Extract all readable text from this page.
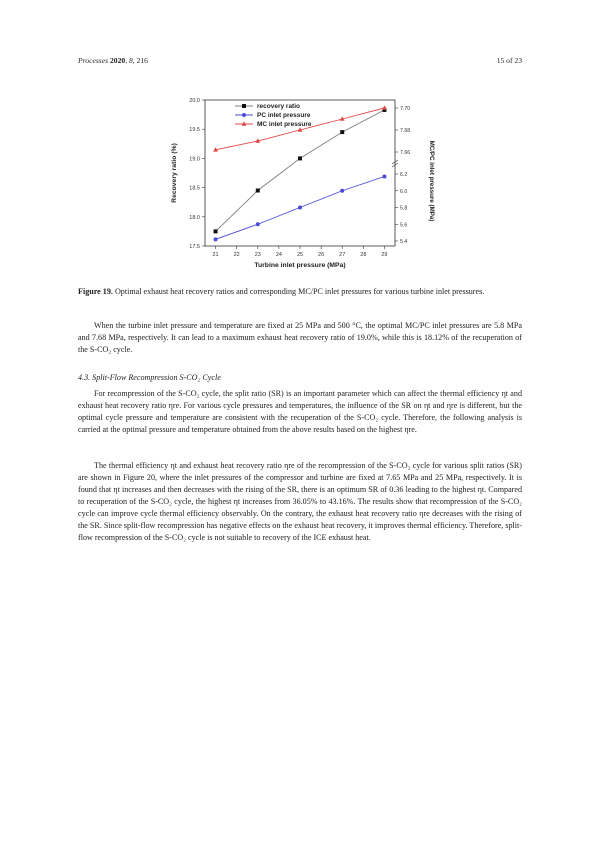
Processes 2020, 8, 216	15 of 23
21	22	23	24	25	26	27	28	29
17.5
18.0
18.5
19.0
19.5
20.0
7.66
7.68
7.70
5.4
5.6
5.8
6.0
6.2
Turbine inlet pressure (MPa)
Recovery ratio (%)	MC/PC inlet pressure (MPa)
recovery ratio
PC inlet pressure
MC inlet pressure
Figure 19. Optimal exhaust heat recovery ratios and corresponding MC/PC inlet pressures for various turbine inlet pressures.
When the turbine inlet pressure and temperature are fixed at 25 MPa and 500 °C, the optimal MC/PC inlet pressures are 5.8 MPa and 7.68 MPa, respectively. It can lead to a maximum exhaust heat recovery ratio of 19.0%, while this is 18.12% of the recuperation of the S-CO₂ cycle.
4.3. Split-Flow Recompression S-CO₂ Cycle
For recompression of the S-CO₂ cycle, the split ratio (SR) is an important parameter which can affect the thermal efficiency ηt and exhaust heat recovery ratio ηre. For various cycle pressures and temperatures, the influence of the SR on ηt and ηre is different, but the optimal cycle pressure and temperature are consistent with the recuperation of the S-CO₂ cycle. Therefore, the following analysis is carried at the optimal pressure and temperature obtained from the above results based on the highest ηre.
The thermal efficiency ηt and exhaust heat recovery ratio ηre of the recompression of the S-CO₂ cycle for various split ratios (SR) are shown in Figure 20, where the inlet pressures of the compressor and turbine are fixed at 7.65 MPa and 25 MPa, respectively. It is found that ηt increases and then decreases with the rising of the SR, there is an optimum SR of 0.36 leading to the highest ηt. Compared to recuperation of the S-CO₂ cycle, the highest ηt increases from 36.05% to 43.16%. The results show that recompression of the S-CO₂ cycle can improve cycle thermal efficiency observably. On the contrary, the exhaust heat recovery ratio ηre decreases with the rising of the SR. Since split-flow recompression has negative effects on the exhaust heat recovery, it improves thermal efficiency. Therefore, split-flow recompression of the S-CO₂ cycle is not suitable to recovery of the ICE exhaust heat.
